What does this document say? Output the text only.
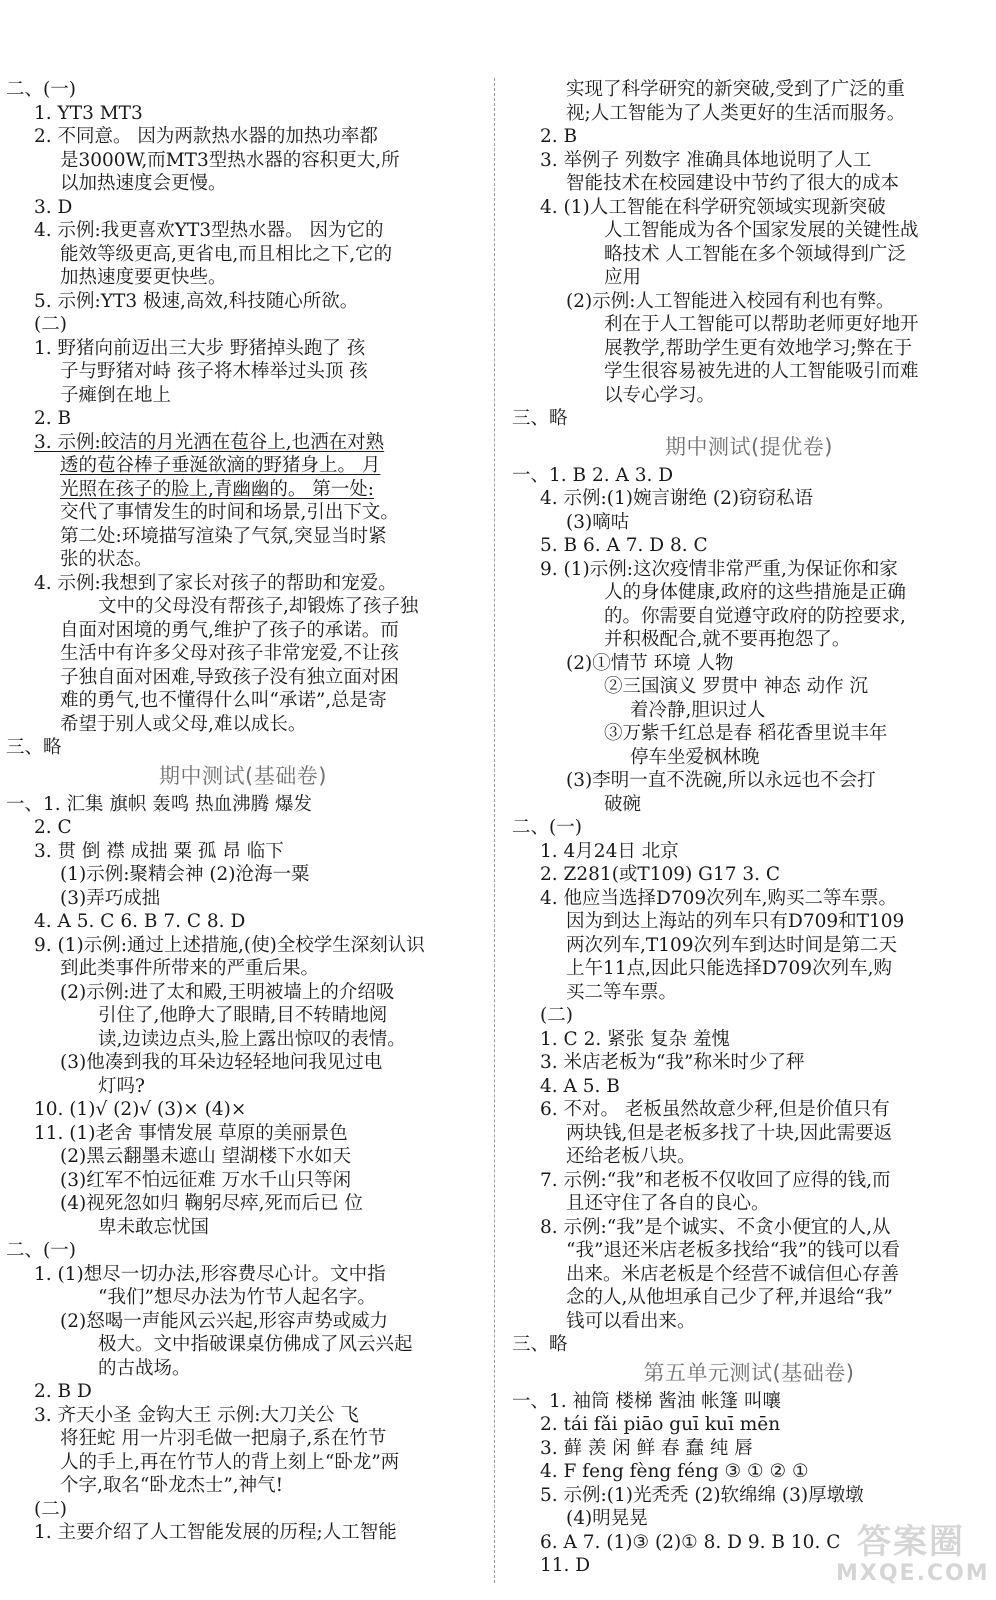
二、(一)
1. YT3 MT3
2. 不同意。 因为两款热水器的加热功率都
是3000W,而MT3型热水器的容积更大,所
以加热速度会更慢。
3. D
4. 示例:我更喜欢YT3型热水器。 因为它的
能效等级更高,更省电,而且相比之下,它的
加热速度要更快些。
5. 示例:YT3 极速,高效,科技随心所欲。
(二)
1. 野猪向前迈出三大步 野猪掉头跑了 孩
子与野猪对峙 孩子将木棒举过头顶 孩
子瘫倒在地上
2. B
3. 示例:皎洁的月光洒在苞谷上,也洒在对熟
透的苞谷棒子垂涎欲滴的野猪身上。 月
光照在孩子的脸上,青幽幽的。 第一处:
交代了事情发生的时间和场景,引出下文。
第二处:环境描写渲染了气氛,突显当时紧
张的状态。
4. 示例:我想到了家长对孩子的帮助和宠爱。
文中的父母没有帮孩子,却锻炼了孩子独
自面对困境的勇气,维护了孩子的承诺。而
生活中有许多父母对孩子非常宠爱,不让孩
子独自面对困难,导致孩子没有独立面对困
难的勇气,也不懂得什么叫“承诺”,总是寄
希望于别人或父母,难以成长。
三、略
期中测试(基础卷)
一、1. 汇集 旗帜 轰鸣 热血沸腾 爆发
2. C
3. 贯 倒 襟 成拙 粟 孤 昂 临下
(1)示例:聚精会神 (2)沧海一粟
(3)弄巧成拙
4. A 5. C 6. B 7. C 8. D
9. (1)示例:通过上述措施,(使)全校学生深刻认识
到此类事件所带来的严重后果。
(2)示例:进了太和殿,王明被墙上的介绍吸
引住了,他睁大了眼睛,目不转睛地阅
读,边读边点头,脸上露出惊叹的表情。
(3)他凑到我的耳朵边轻轻地问我见过电
灯吗?
10. (1)√ (2)√ (3)× (4)×
11. (1)老舍 事情发展 草原的美丽景色
(2)黑云翻墨未遮山 望湖楼下水如天
(3)红军不怕远征难 万水千山只等闲
(4)视死忽如归 鞠躬尽瘁,死而后已 位
卑未敢忘忧国
二、(一)
1. (1)想尽一切办法,形容费尽心计。文中指
“我们”想尽办法为竹节人起名字。
(2)怒喝一声能风云兴起,形容声势或威力
极大。文中指破课桌仿佛成了风云兴起
的古战场。
2. B D
3. 齐天小圣 金钩大王 示例:大刀关公 飞
将狂蛇 用一片羽毛做一把扇子,系在竹节
人的手上,再在竹节人的背上刻上“卧龙”两
个字,取名“卧龙杰士”,神气!
(二)
1. 主要介绍了人工智能发展的历程;人工智能
实现了科学研究的新突破,受到了广泛的重
视;人工智能为了人类更好的生活而服务。
2. B
3. 举例子 列数字 准确具体地说明了人工
智能技术在校园建设中节约了很大的成本
4. (1)人工智能在科学研究领域实现新突破
人工智能成为各个国家发展的关键性战
略技术 人工智能在多个领域得到广泛
应用
(2)示例:人工智能进入校园有利也有弊。
利在于人工智能可以帮助老师更好地开
展教学,帮助学生更有效地学习;弊在于
学生很容易被先进的人工智能吸引而难
以专心学习。
三、略
期中测试(提优卷)
一、1. B 2. A 3. D
4. 示例:(1)婉言谢绝 (2)窃窃私语
(3)嘀咕
5. B 6. A 7. D 8. C
9. (1)示例:这次疫情非常严重,为保证你和家
人的身体健康,政府的这些措施是正确
的。你需要自觉遵守政府的防控要求,
并积极配合,就不要再抱怨了。
(2)①情节 环境 人物
②三国演义 罗贯中 神态 动作 沉
着冷静,胆识过人
③万紫千红总是春 稻花香里说丰年
停车坐爱枫林晚
(3)李明一直不洗碗,所以永远也不会打
破碗
二、(一)
1. 4月24日 北京
2. Z281(或T109) G17 3. C
4. 他应当选择D709次列车,购买二等车票。
因为到达上海站的列车只有D709和T109
两次列车,T109次列车到达时间是第二天
上午11点,因此只能选择D709次列车,购
买二等车票。
(二)
1. C 2. 紧张 复杂 羞愧
3. 米店老板为“我”称米时少了秤
4. A 5. B
6. 不对。 老板虽然故意少秤,但是价值只有
两块钱,但是老板多找了十块,因此需要返
还给老板八块。
7. 示例:“我”和老板不仅收回了应得的钱,而
且还守住了各自的良心。
8. 示例:“我”是个诚实、不贪小便宜的人,从
“我”退还米店老板多找给“我”的钱可以看
出来。米店老板是个经营不诚信但心存善
念的人,从他坦承自己少了秤,并退给“我”
钱可以看出来。
三、略
第五单元测试(基础卷)
一、1. 袖筒 楼梯 酱油 帐篷 叫嚷
2. tái fǎi piāo guī kuī mēn
3. 藓 羡 闲 鲜 春 蠢 纯 唇
4. F feng fèng féng ③ ① ② ①
5. 示例:(1)光秃秃 (2)软绵绵 (3)厚墩墩
(4)明晃晃
6. A 7. (1)③ (2)① 8. D 9. B 10. C
11. D
答案圈
MXQE.COM
